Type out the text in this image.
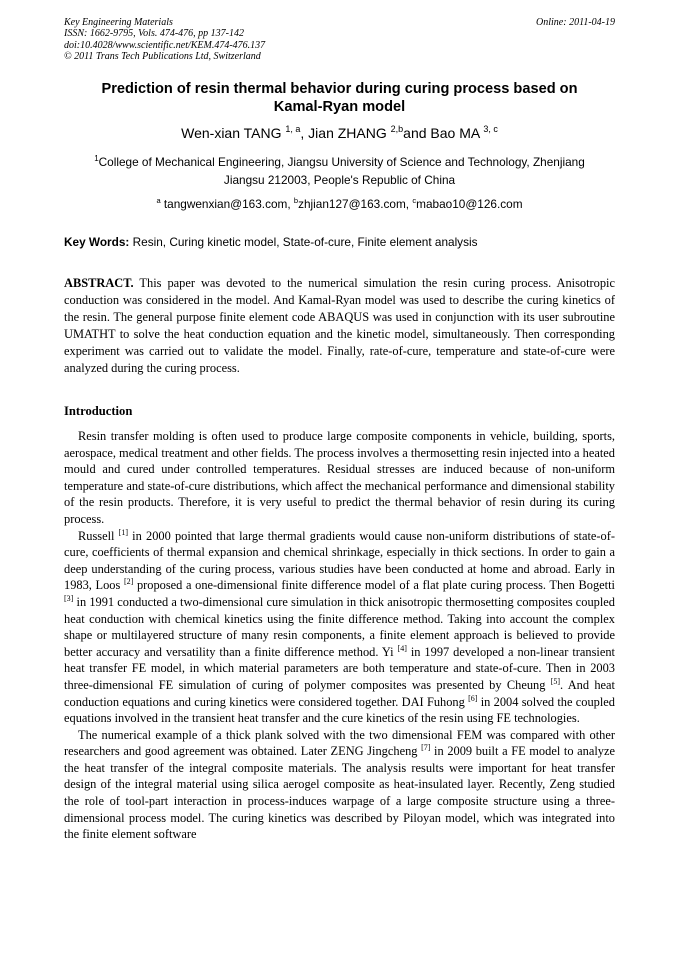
Key Engineering Materials	Online: 2011-04-19
ISSN: 1662-9795, Vols. 474-476, pp 137-142
doi:10.4028/www.scientific.net/KEM.474-476.137
© 2011 Trans Tech Publications Ltd, Switzerland
Prediction of resin thermal behavior during curing process based on
Kamal-Ryan model
Wen-xian TANG $^{1, a}$, Jian ZHANG $^{2,b}$and Bao MA $^{3, c}$
$^1$College of Mechanical Engineering, Jiangsu University of Science and Technology, Zhenjiang
Jiangsu 212003, People's Republic of China
$^a$ tangwenxian@163.com, $^b$zhjian127@163.com, $^c$mabao10@126.com
Key Words: Resin, Curing kinetic model, State-of-cure, Finite element analysis
ABSTRACT. This paper was devoted to the numerical simulation the resin curing process. Anisotropic conduction was considered in the model. And Kamal-Ryan model was used to describe the curing kinetics of the resin. The general purpose finite element code ABAQUS was used in conjunction with its user subroutine UMATHT to solve the heat conduction equation and the kinetic model, simultaneously. Then corresponding experiment was carried out to validate the model. Finally, rate-of-cure, temperature and state-of-cure were analyzed during the curing process.
Introduction

Resin transfer molding is often used to produce large composite components in vehicle, building, sports, aerospace, medical treatment and other fields. The process involves a thermosetting resin injected into a heated mould and cured under controlled temperatures. Residual stresses are induced because of non-uniform temperature and state-of-cure distributions, which affect the mechanical performance and dimensional stability of the resin products. Therefore, it is very useful to predict the thermal behavior of resin during its curing process.

Russell [1] in 2000 pointed that large thermal gradients would cause non-uniform distributions of state-of-cure, coefficients of thermal expansion and chemical shrinkage, especially in thick sections. In order to gain a deep understanding of the curing process, various studies have been conducted at home and abroad. Early in 1983, Loos [2] proposed a one-dimensional finite difference model of a flat plate curing process. Then Bogetti [3] in 1991 conducted a two-dimensional cure simulation in thick anisotropic thermosetting composites coupled heat conduction with chemical kinetics using the finite difference method. Taking into account the complex shape or multilayered structure of many resin components, a finite element approach is believed to provide better accuracy and versatility than a finite difference method. Yi [4] in 1997 developed a non-linear transient heat transfer FE model, in which material parameters are both temperature and state-of-cure. Then in 2003 three-dimensional FE simulation of curing of polymer composites was presented by Cheung [5]. And heat conduction equations and curing kinetics were considered together. DAI Fuhong [6] in 2004 solved the coupled equations involved in the transient heat transfer and the cure kinetics of the resin using FE technologies.

The numerical example of a thick plank solved with the two dimensional FEM was compared with other researchers and good agreement was obtained. Later ZENG Jingcheng [7] in 2009 built a FE model to analyze the heat transfer of the integral composite materials. The analysis results were important for heat transfer design of the integral material using silica aerogel composite as heat-insulated layer. Recently, Zeng studied the role of tool-part interaction in process-induces warpage of a large composite structure using a three-dimensional process model. The curing kinetics was described by Piloyan model, which was integrated into the finite element software
